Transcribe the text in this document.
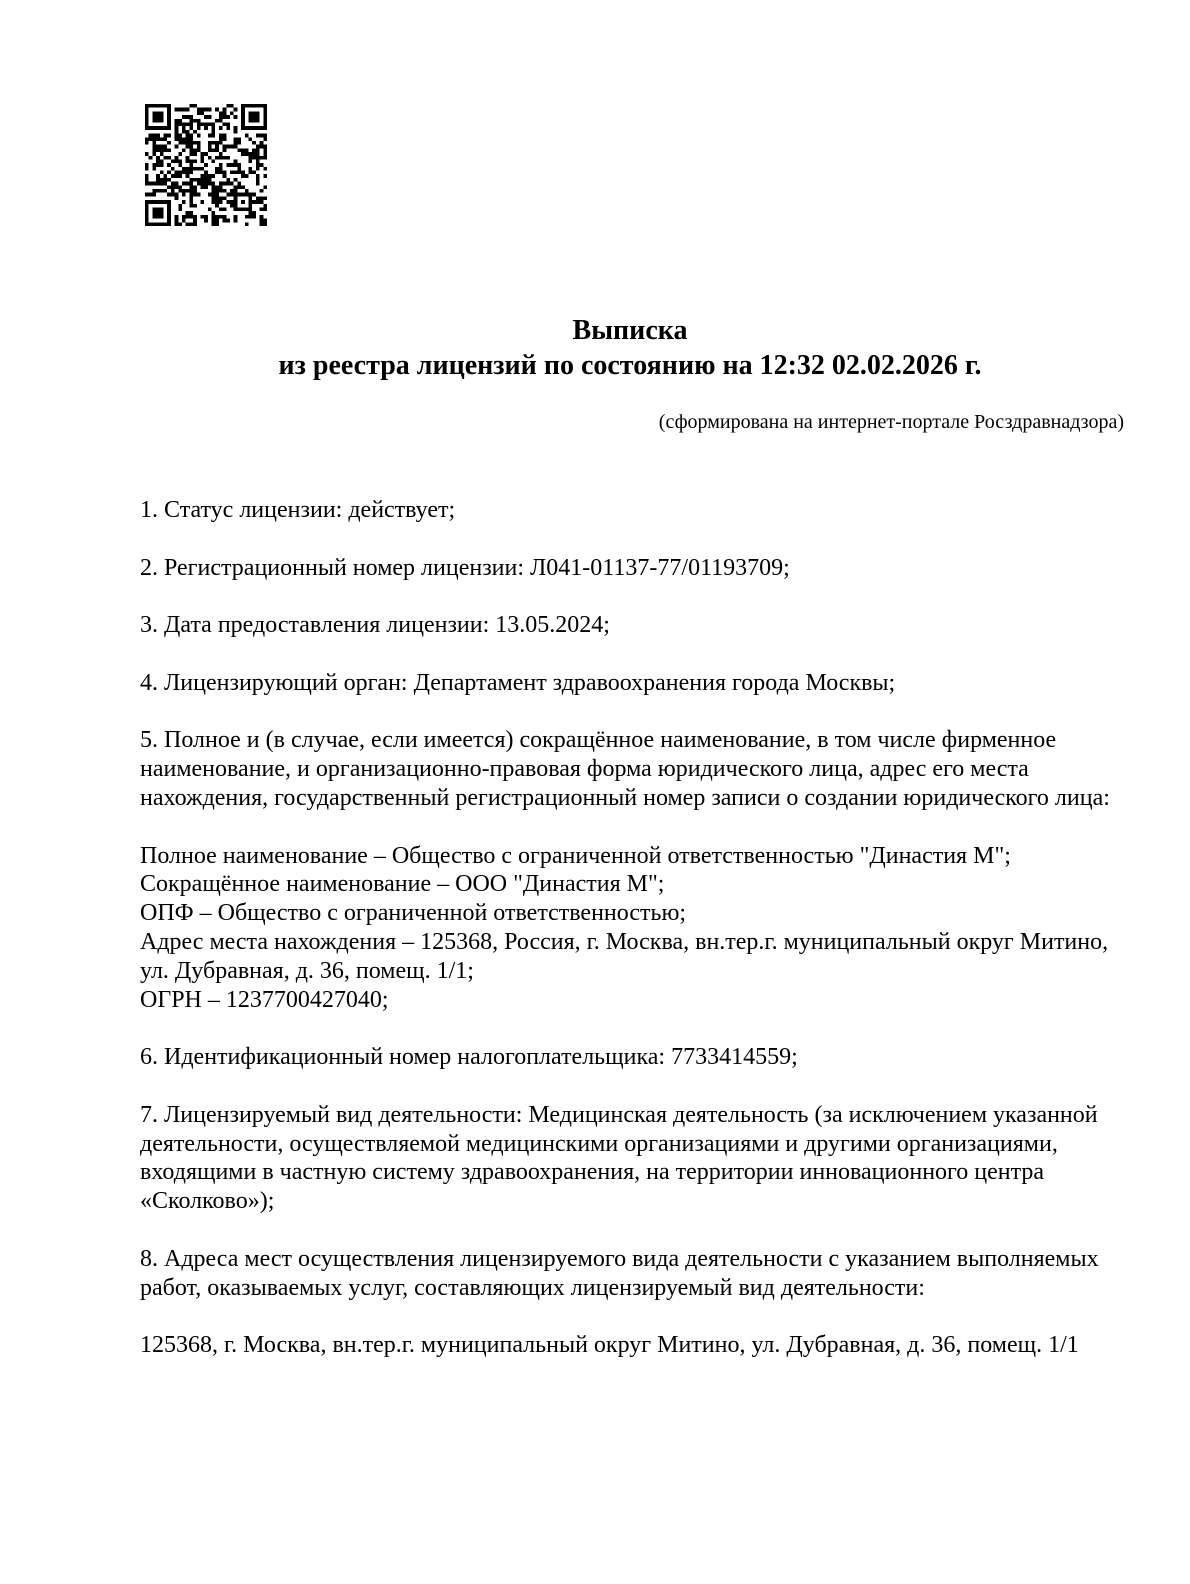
Выписка
из реестра лицензий по состоянию на 12:32 02.02.2026 г.
(сформирована на интернет-портале Росздравнадзора)

1. Статус лицензии: действует;

2. Регистрационный номер лицензии: Л041-01137-77/01193709;

3. Дата предоставления лицензии: 13.05.2024;

4. Лицензирующий орган: Департамент здравоохранения города Москвы;

5. Полное и (в случае, если имеется) сокращённое наименование, в том числе фирменное наименование, и организационно-правовая форма юридического лица, адрес его места нахождения, государственный регистрационный номер записи о создании юридического лица:

Полное наименование – Общество с ограниченной ответственностью "Династия М";
Сокращённое наименование – ООО "Династия М";
ОПФ – Общество с ограниченной ответственностью;
Адрес места нахождения – 125368, Россия, г. Москва, вн.тер.г. муниципальный округ Митино, ул. Дубравная, д. 36, помещ. 1/1;
ОГРН – 1237700427040;

6. Идентификационный номер налогоплательщика: 7733414559;

7. Лицензируемый вид деятельности: Медицинская деятельность (за исключением указанной деятельности, осуществляемой медицинскими организациями и другими организациями, входящими в частную систему здравоохранения, на территории инновационного центра «Сколково»);

8. Адреса мест осуществления лицензируемого вида деятельности с указанием выполняемых работ, оказываемых услуг, составляющих лицензируемый вид деятельности:

125368, г. Москва, вн.тер.г. муниципальный округ Митино, ул. Дубравная, д. 36, помещ. 1/1
